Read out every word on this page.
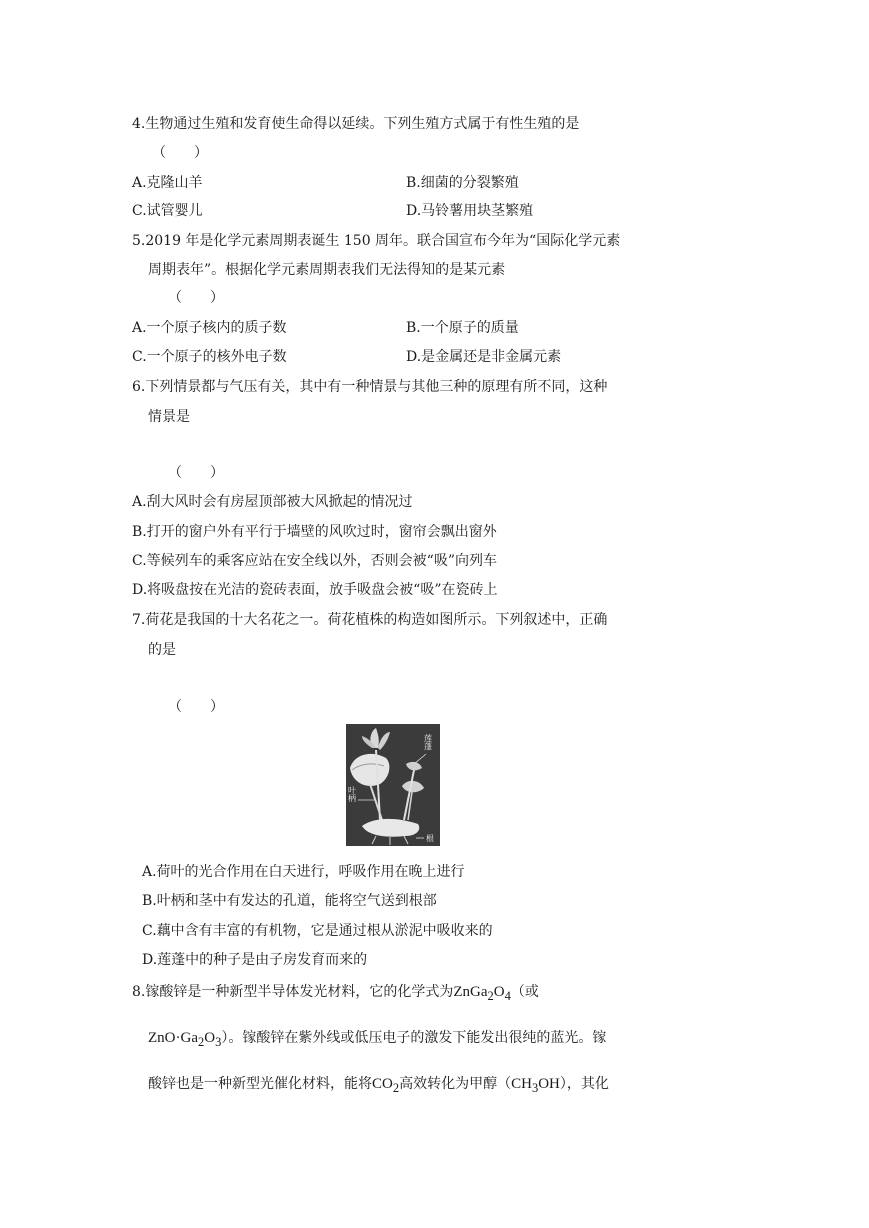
4.生物通过生殖和发育使生命得以延续。下列生殖方式属于有性生殖的是
（　　）
A.克隆山羊	B.细菌的分裂繁殖
C.试管婴儿	D.马铃薯用块茎繁殖
5.2019 年是化学元素周期表诞生 150 周年。联合国宣布今年为“国际化学元素
周期表年”。根据化学元素周期表我们无法得知的是某元素
（　　）
A.一个原子核内的质子数	B.一个原子的质量
C.一个原子的核外电子数	D.是金属还是非金属元素
6.下列情景都与气压有关，其中有一种情景与其他三种的原理有所不同，这种
情景是
（　　）
A.刮大风时会有房屋顶部被大风掀起的情况过
B.打开的窗户外有平行于墙壁的风吹过时，窗帘会飘出窗外
C.等候列车的乘客应站在安全线以外，否则会被“吸”向列车
D.将吸盘按在光洁的瓷砖表面，放手吸盘会被“吸”在瓷砖上
7.荷花是我国的十大名花之一。荷花植株的构造如图所示。下列叙述中，正确
的是
（　　）
莲蓬
叶柄
根
A.荷叶的光合作用在白天进行，呼吸作用在晚上进行
B.叶柄和茎中有发达的孔道，能将空气送到根部
C.藕中含有丰富的有机物，它是通过根从淤泥中吸收来的
D.莲蓬中的种子是由子房发育而来的
8.镓酸锌是一种新型半导体发光材料，它的化学式为$ZnGa_2O_4$（或
$ZnO\cdot Ga_2O_3$）。镓酸锌在紫外线或低压电子的激发下能发出很纯的蓝光。镓
酸锌也是一种新型光催化材料，能将$CO_2$高效转化为甲醇$(CH_3OH)$，其化
